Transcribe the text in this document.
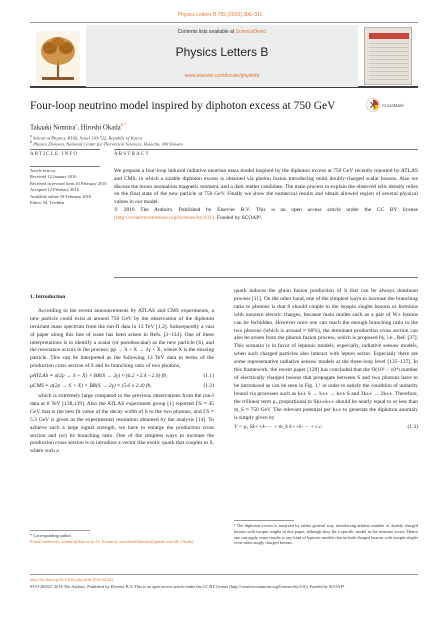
Physics Letters B 755 (2016) 306–311
Contents lists available at ScienceDirect
Physics Letters B
www.elsevier.com/locate/physletb
Four-loop neutrino model inspired by diphoton excess at 750 GeV	CrossMark
Takaaki Nomura$^a$, Hiroshi Okada$^{b,*}$
$^a$ School of Physics, KIAS, Seoul 130-722, Republic of Korea
$^b$ Physics Division, National Center for Theoretical Sciences, Hsinchu, 300 Taiwan
ARTICLE INFO	ABSTRACT
Article history:
Received 12 January 2016
Received in revised form 10 February 2016
Accepted 12 February 2016
Available online 18 February 2016
Editor: M. Trodden

We propose a four-loop induced radiative neutrino mass model inspired by the diphoton excess at 750 GeV recently reported by ATLAS and CMS, in which a sizable diphoton excess is obtained via photon fusion introducing multi doubly-charged scalar bosons. Also we discuss the moon anomalous magnetic moment, and a dark matter candidate. The main process to explain the observed relic density relies on the final state of the new particle at 750 GeV. Finally we show the numerical results and obtain allowed region of several physical values in our model.

© 2016 The Authors. Published by Elsevier B.V. This is an open access article under the CC BY license (http://creativecommons.org/licenses/by/4.0/). Funded by SCOAP³.

1. Introduction

According to the recent announcements by ATLAS and CMS experiments, a new particle could exist at around 750 GeV by the observation of the diphoton invariant mass spectrum from the run-II data in 13 TeV [1,2]. Subsequently a vast of paper along this line of issue has been arisen in Refs. [3–134]. One of these interpretations is to identify a scalar (or pseudoscalar) as the new particle (S), and the resonance occurs in the process; pp → S + X → 2γ + X, where X is the missing particle. This can be interpreted as the following 13 TeV data in terms of the production cross section of S and its branching ratio of two photons,

μATLAS ≡ σ(2p → S + X) × BR(S → 2γ) ≈ (6.2 +2.4 −2.0) fb,	(1.1)
μCMS ≡ σ(2p → S + X) × BR(S → 2γ) ≈ (5.6 ± 2.4) fb,	(1.2)

which is extremely large compared to the previous observations from the run-I data at 8 TeV [138,139]. Also the ATLAS experiment group [1] reported ΓS ≈ 45 GeV that is the best fit value of the decay width of S to the two photons, and ΓS ≈ 5.3 GeV is given as the experimental resolution obtained by the analysis [14]. To achieve such a large signal strength, we have to enlarge the production cross section and (or) its branching ratio. One of the simplest ways to increase the production cross section is to introduce a vector like exotic quark that couples to S, where such a

quark induces the gluon fusion production of S that can be always dominant process [11]. On the other hand, one of the simplest ways to increase the branching ratio to photons is that S should couple to the isospin singlet bosons or fermions with nonzero electric charges, because main modes such as a pair of W± bosons can be forbidden. However once one can reach the enough branching ratio to the two photons (which is around ≈ 60%), the dominant production cross section can also be arisen from the photon fusion process, which is proposed by, i.e., Ref. [37]. This scenario is in favor of leptonic models, especially, radiative seesaw models, when such charged particles also interact with lepton sector. Especially there are some representative radiative seesaw models at the three-loop level [135–137]. In this framework, the recent paper [128] has concluded that the O(10³ − 10⁴) number of electrically charged bosons that propagate between S and two photons have to be introduced as can be seen in Fig. 1,¹ in order to satisfy the condition of unitarity bound via processes such as k±± S → k±± → k±± S and 2k±± → 2k±±. Therefore, the trilinear term μ₃ proportional to Sk±±k±± should be nearly equal to or less than m_S ≈ 750 GeV. The relevant potential per k±± to generate the diphoton anomaly is simply given by

V = μ₃ Sk++k−− + m_k k++k−− + c.c.	(1.3)
* Corresponding author.
E-mail addresses: nomura@kias.re.kr (T. Nomura), macokada3hiroshi@gmail.com (H. Okada).
¹ The diphoton excess is analyzed by rather general way, introducing arbitrar number of doubly charged bosons with isospin singlet in this paper, although they fin a specific model in the neutrino sector. Hence one can apply some results to any kind of leptonic models that include charged bosons with isospin singlet even when singly charged bosons.
http://dx.doi.org/10.1016/j.physletb.2016.02.022
0370-2693/© 2016 The Authors. Published by Elsevier B.V. This is an open access article under the CC BY license (http://creativecommons.org/licenses/by/4.0/). Funded by SCOAP³.
